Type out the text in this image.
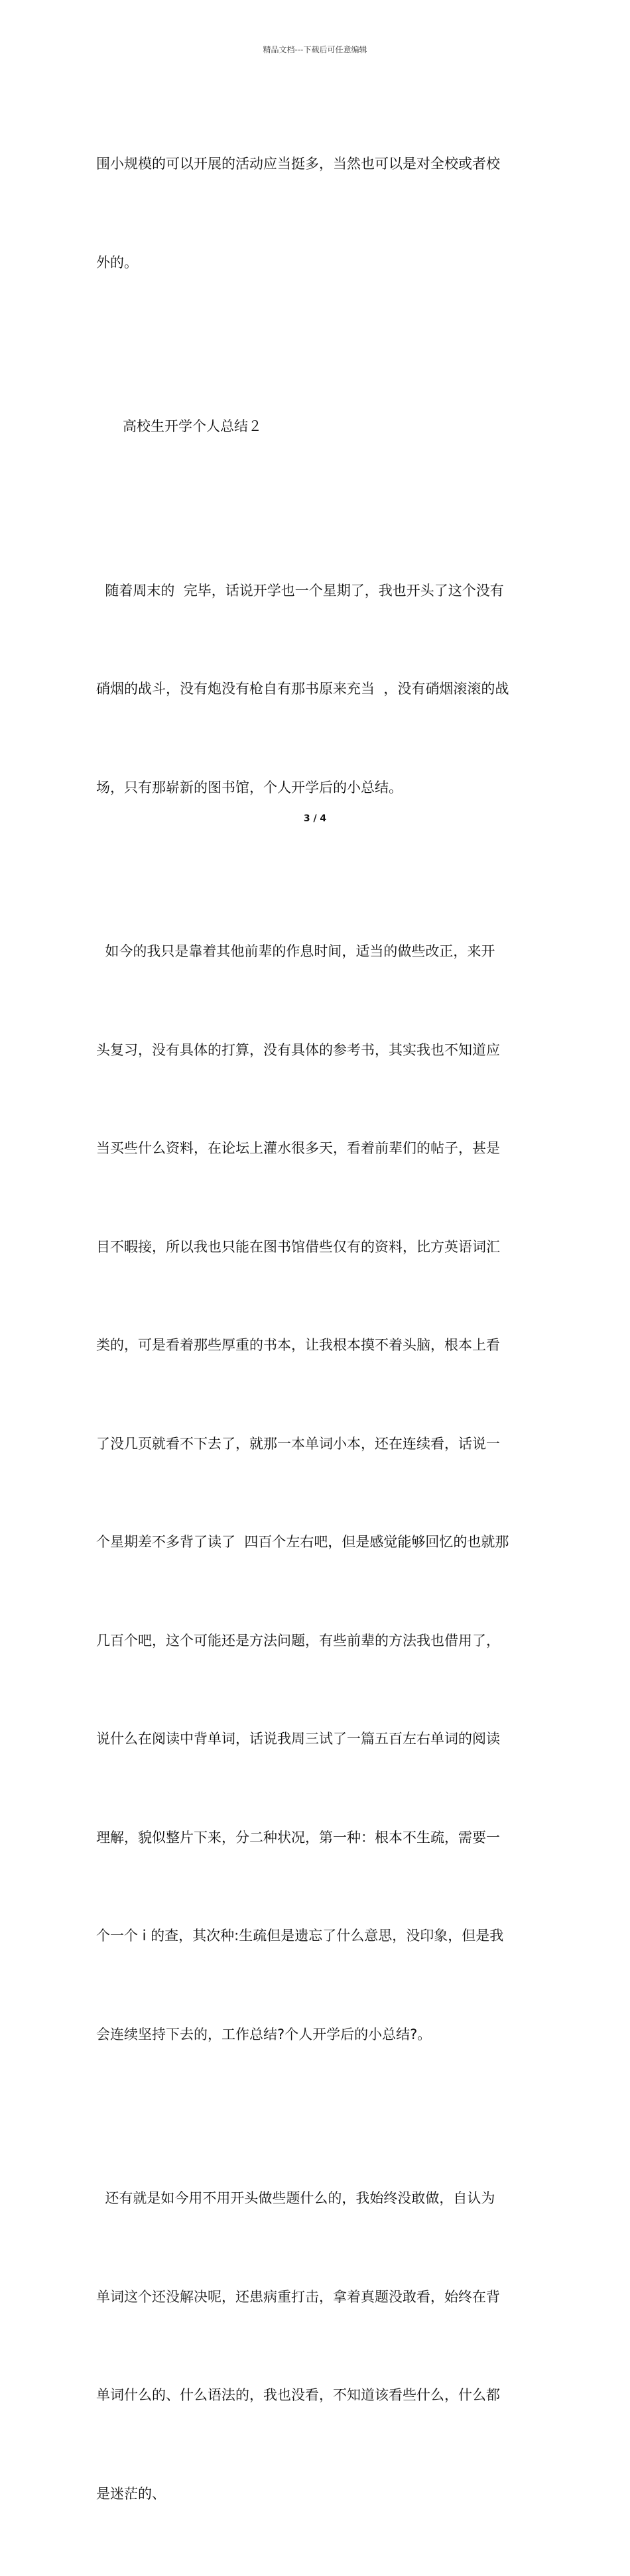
精品文档---下载后可任意编辑

围小规模的可以开展的活动应当挺多，当然也可以是对全校或者校

外的。

高校生开学个人总结２

随着周末的  完毕，话说开学也一个星期了，我也开头了这个没有

硝烟的战斗，没有炮没有枪自有那书原来充当  ，没有硝烟滚滚的战

场，只有那崭新的图书馆，个人开学后的小总结。

如今的我只是靠着其他前辈的作息时间，适当的做些改正，来开

头复习，没有具体的打算，没有具体的参考书，其实我也不知道应

当买些什么资料，在论坛上灌水很多天，看着前辈们的帖子，甚是

目不暇接，所以我也只能在图书馆借些仅有的资料，比方英语词汇

类的，可是看着那些厚重的书本，让我根本摸不着头脑，根本上看

了没几页就看不下去了，就那一本单词小本，还在连续看，话说一

个星期差不多背了读了  四百个左右吧，但是感觉能够回忆的也就那

几百个吧，这个可能还是方法问题，有些前辈的方法我也借用了，

说什么在阅读中背单词，话说我周三试了一篇五百左右单词的阅读

理解，貌似整片下来，分二种状况，第一种：根本不生疏，需要一

个一个 i 的查，其次种:生疏但是遗忘了什么意思，没印象，但是我

会连续坚持下去的，工作总结?个人开学后的小总结?。

还有就是如今用不用开头做些题什么的，我始终没敢做，自认为

单词这个还没解决呢，还患病重打击，拿着真题没敢看，始终在背

单词什么的、什么语法的，我也没看，不知道该看些什么，什么都

是迷茫的、

3 / 4
